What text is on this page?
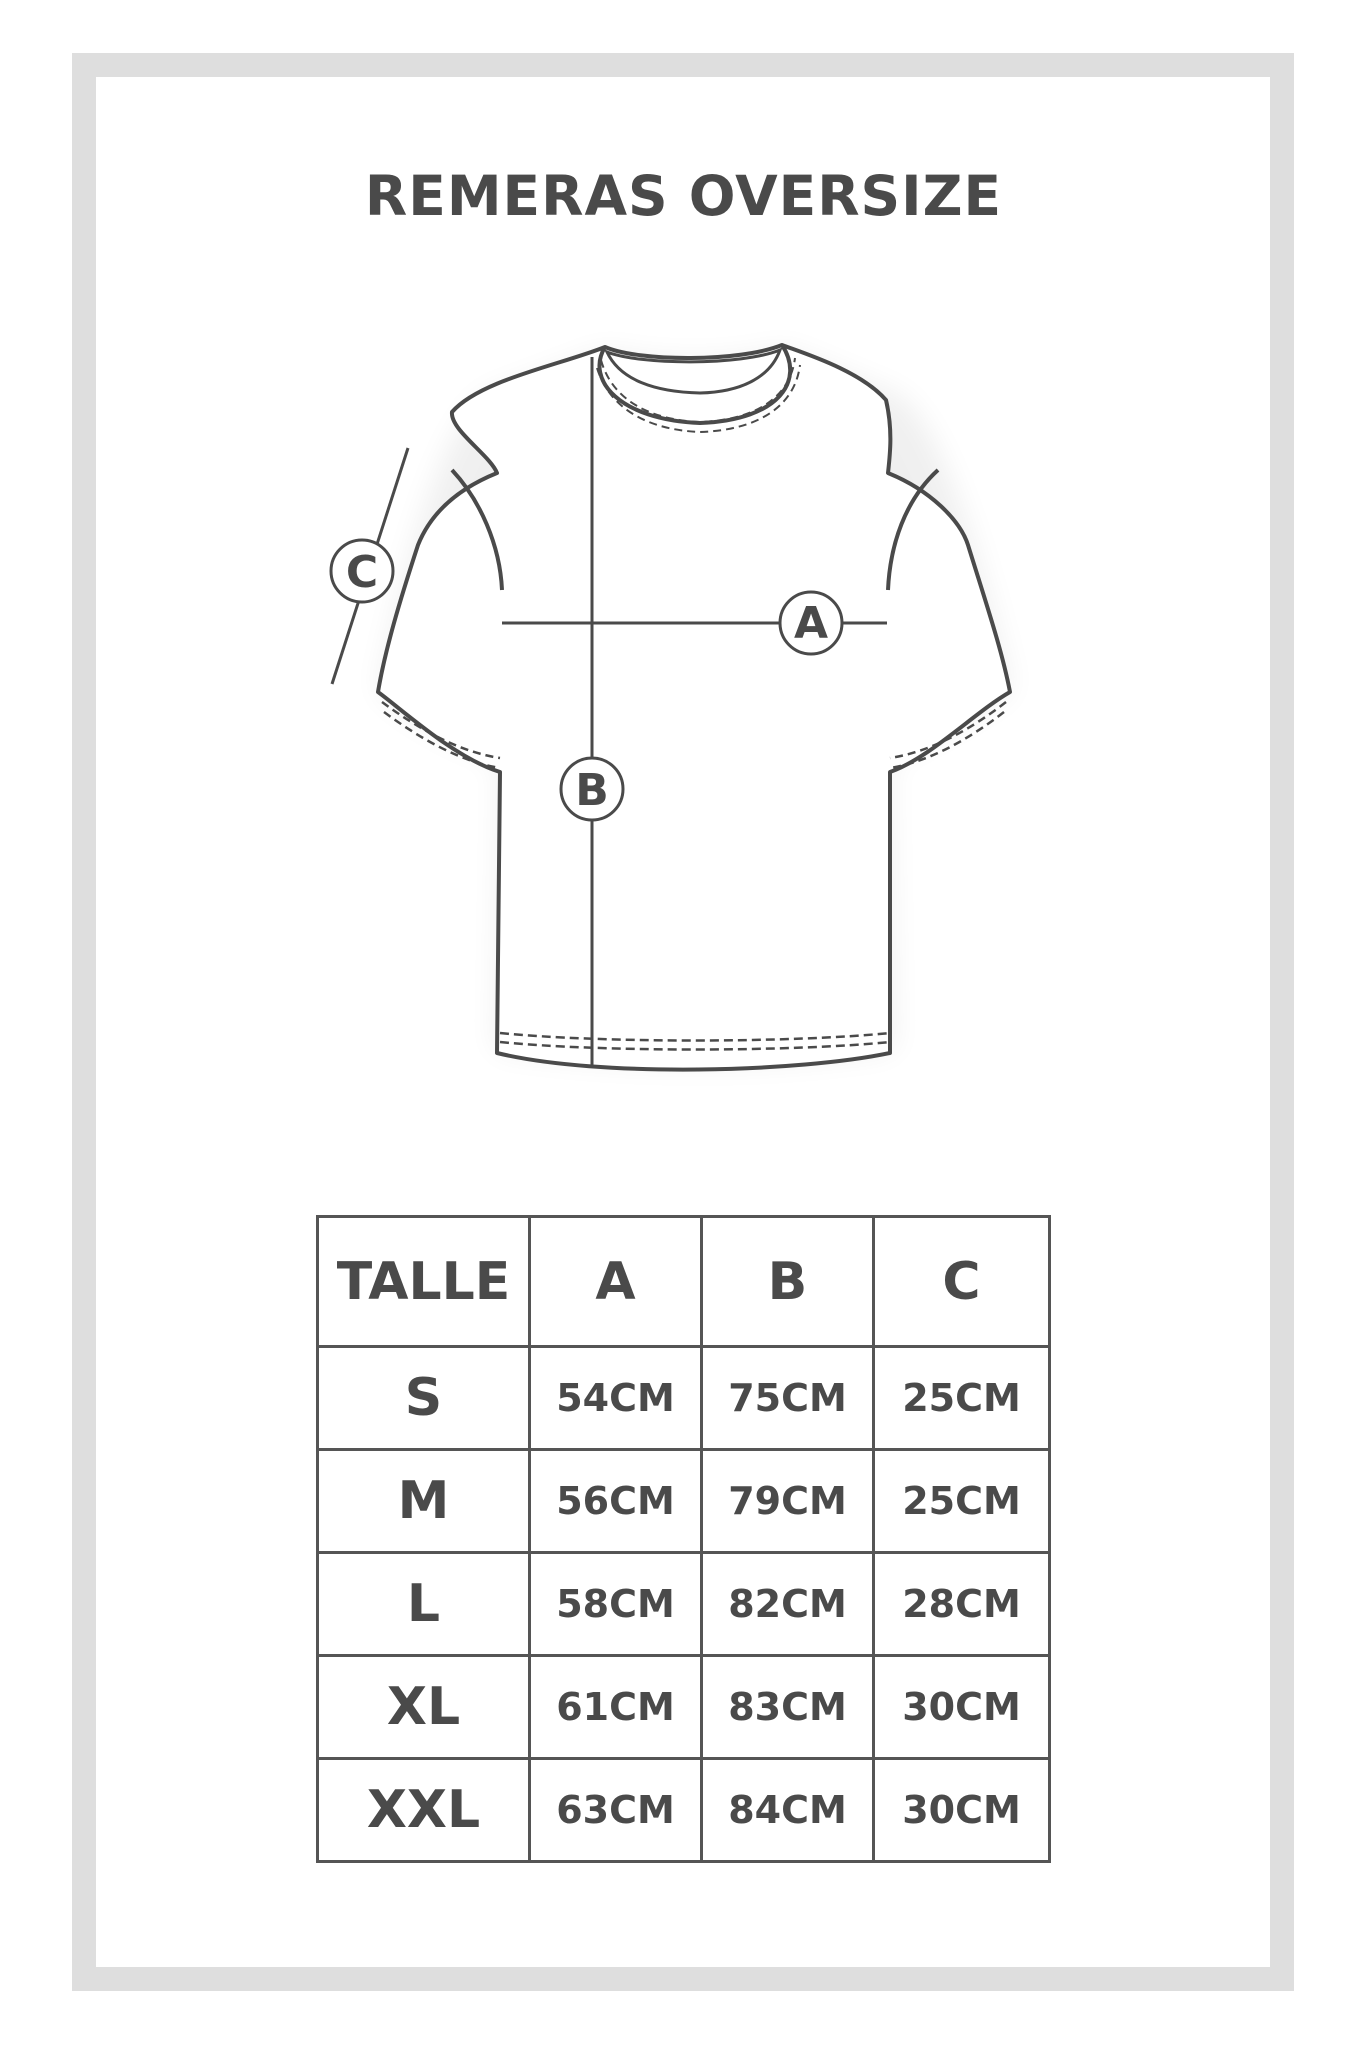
REMERAS OVERSIZE
A
B
C
TALLE	A	B	C
S	54CM	75CM	25CM
M	56CM	79CM	25CM
L	58CM	82CM	28CM
XL	61CM	83CM	30CM
XXL	63CM	84CM	30CM
